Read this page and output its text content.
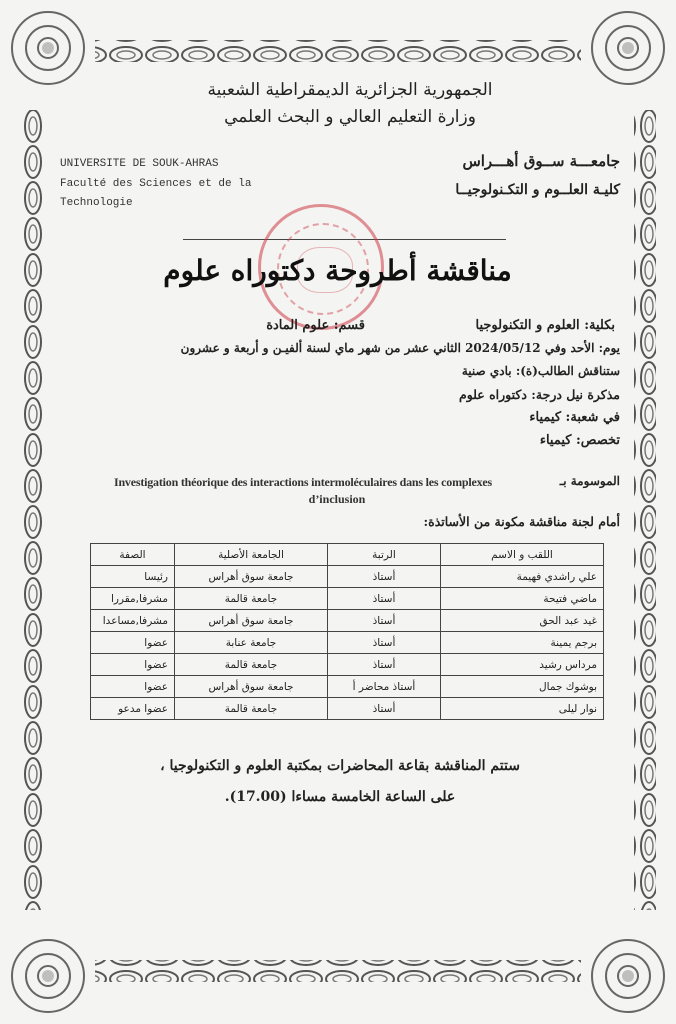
الجمهورية الجزائرية الديمقراطية الشعبية
وزارة التعليم العالي و البحث العلمي
UNIVERSITE DE SOUK-AHRAS
Faculté des Sciences et de la
Technologie
جامعـــة ســوق أهـــراس
كليـة العلــوم و التكـنولوجيــا
مناقشة أطروحة دكتوراه علوم
بكلية: العلوم و التكنولوجيا
قسم: علوم المادة
يوم: الأحد وفي 2024/05/12 الثاني عشر من شهر ماي لسنة ألفيـن و أربعة و عشرون
ستناقش الطالب(ة): بادي صنية
مذكرة نيل درجة: دكتوراه علوم
في شعبة: كيمياء
تخصص: كيمياء
الموسومة بـ
Investigation théorique des interactions intermoléculaires dans les complexes
d’inclusion
أمام لجنة مناقشة مكونة من الأساتذة:
اللقب و الاسم	الرتبة	الجامعة الأصلية	الصفة
علي راشدي فهيمة	أستاذ	جامعة سوق أهراس	رئيسا
ماضي فتيحة	أستاذ	جامعة قالمة	مشرفا,مقررا
غيد عبد الحق	أستاذ	جامعة سوق أهراس	مشرفا,مساعدا
برجم يمينة	أستاذ	جامعة عنابة	عضوا
مرداس رشيد	أستاذ	جامعة قالمة	عضوا
بوشوك جمال	أستاذ محاضر أ	جامعة سوق أهراس	عضوا
نوار ليلى	أستاذ	جامعة قالمة	عضوا مدعو
ستتم المناقشة بقاعة المحاضرات بمكتبة العلوم و التكنولوجيا ،
على الساعة الخامسة مساءا (17.00).
